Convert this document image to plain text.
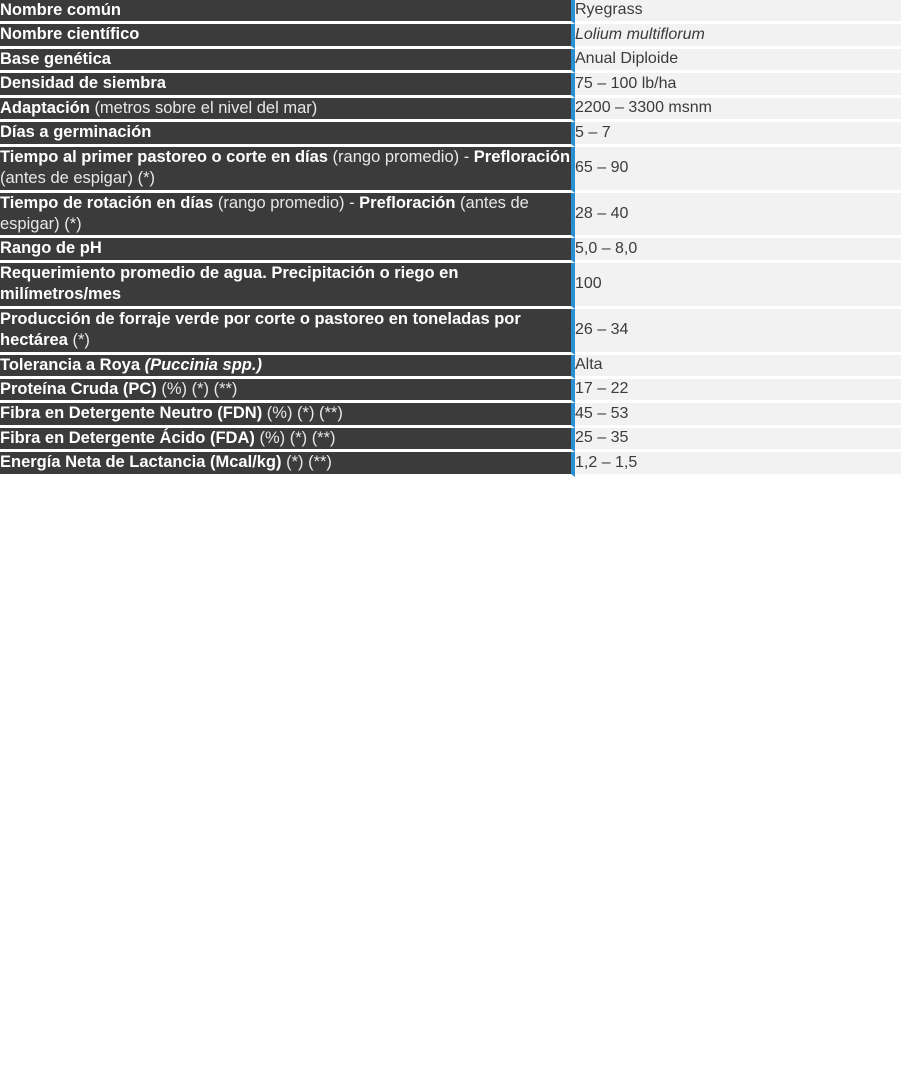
Nombre común	Ryegrass
Nombre científico	Lolium multiflorum
Base genética	Anual Diploide
Densidad de siembra	75 – 100 lb/ha
Adaptación (metros sobre el nivel del mar)	2200 – 3300 msnm
Días a germinación	5 – 7
Tiempo al primer pastoreo o corte en días (rango promedio) - Prefloración (antes de espigar) (*)	65 – 90
Tiempo de rotación en días (rango promedio) - Prefloración (antes de espigar) (*)	28 – 40
Rango de pH	5,0 – 8,0
Requerimiento promedio de agua. Precipitación o riego en milímetros/mes	100
Producción de forraje verde por corte o pastoreo en toneladas por hectárea (*)	26 – 34
Tolerancia a Roya (Puccinia spp.)	Alta
Proteína Cruda (PC) (%) (*) (**)	17 – 22
Fibra en Detergente Neutro (FDN) (%) (*) (**)	45 – 53
Fibra en Detergente Ácido (FDA) (%) (*) (**)	25 – 35
Energía Neta de Lactancia (Mcal/kg) (*) (**)	1,2 – 1,5
